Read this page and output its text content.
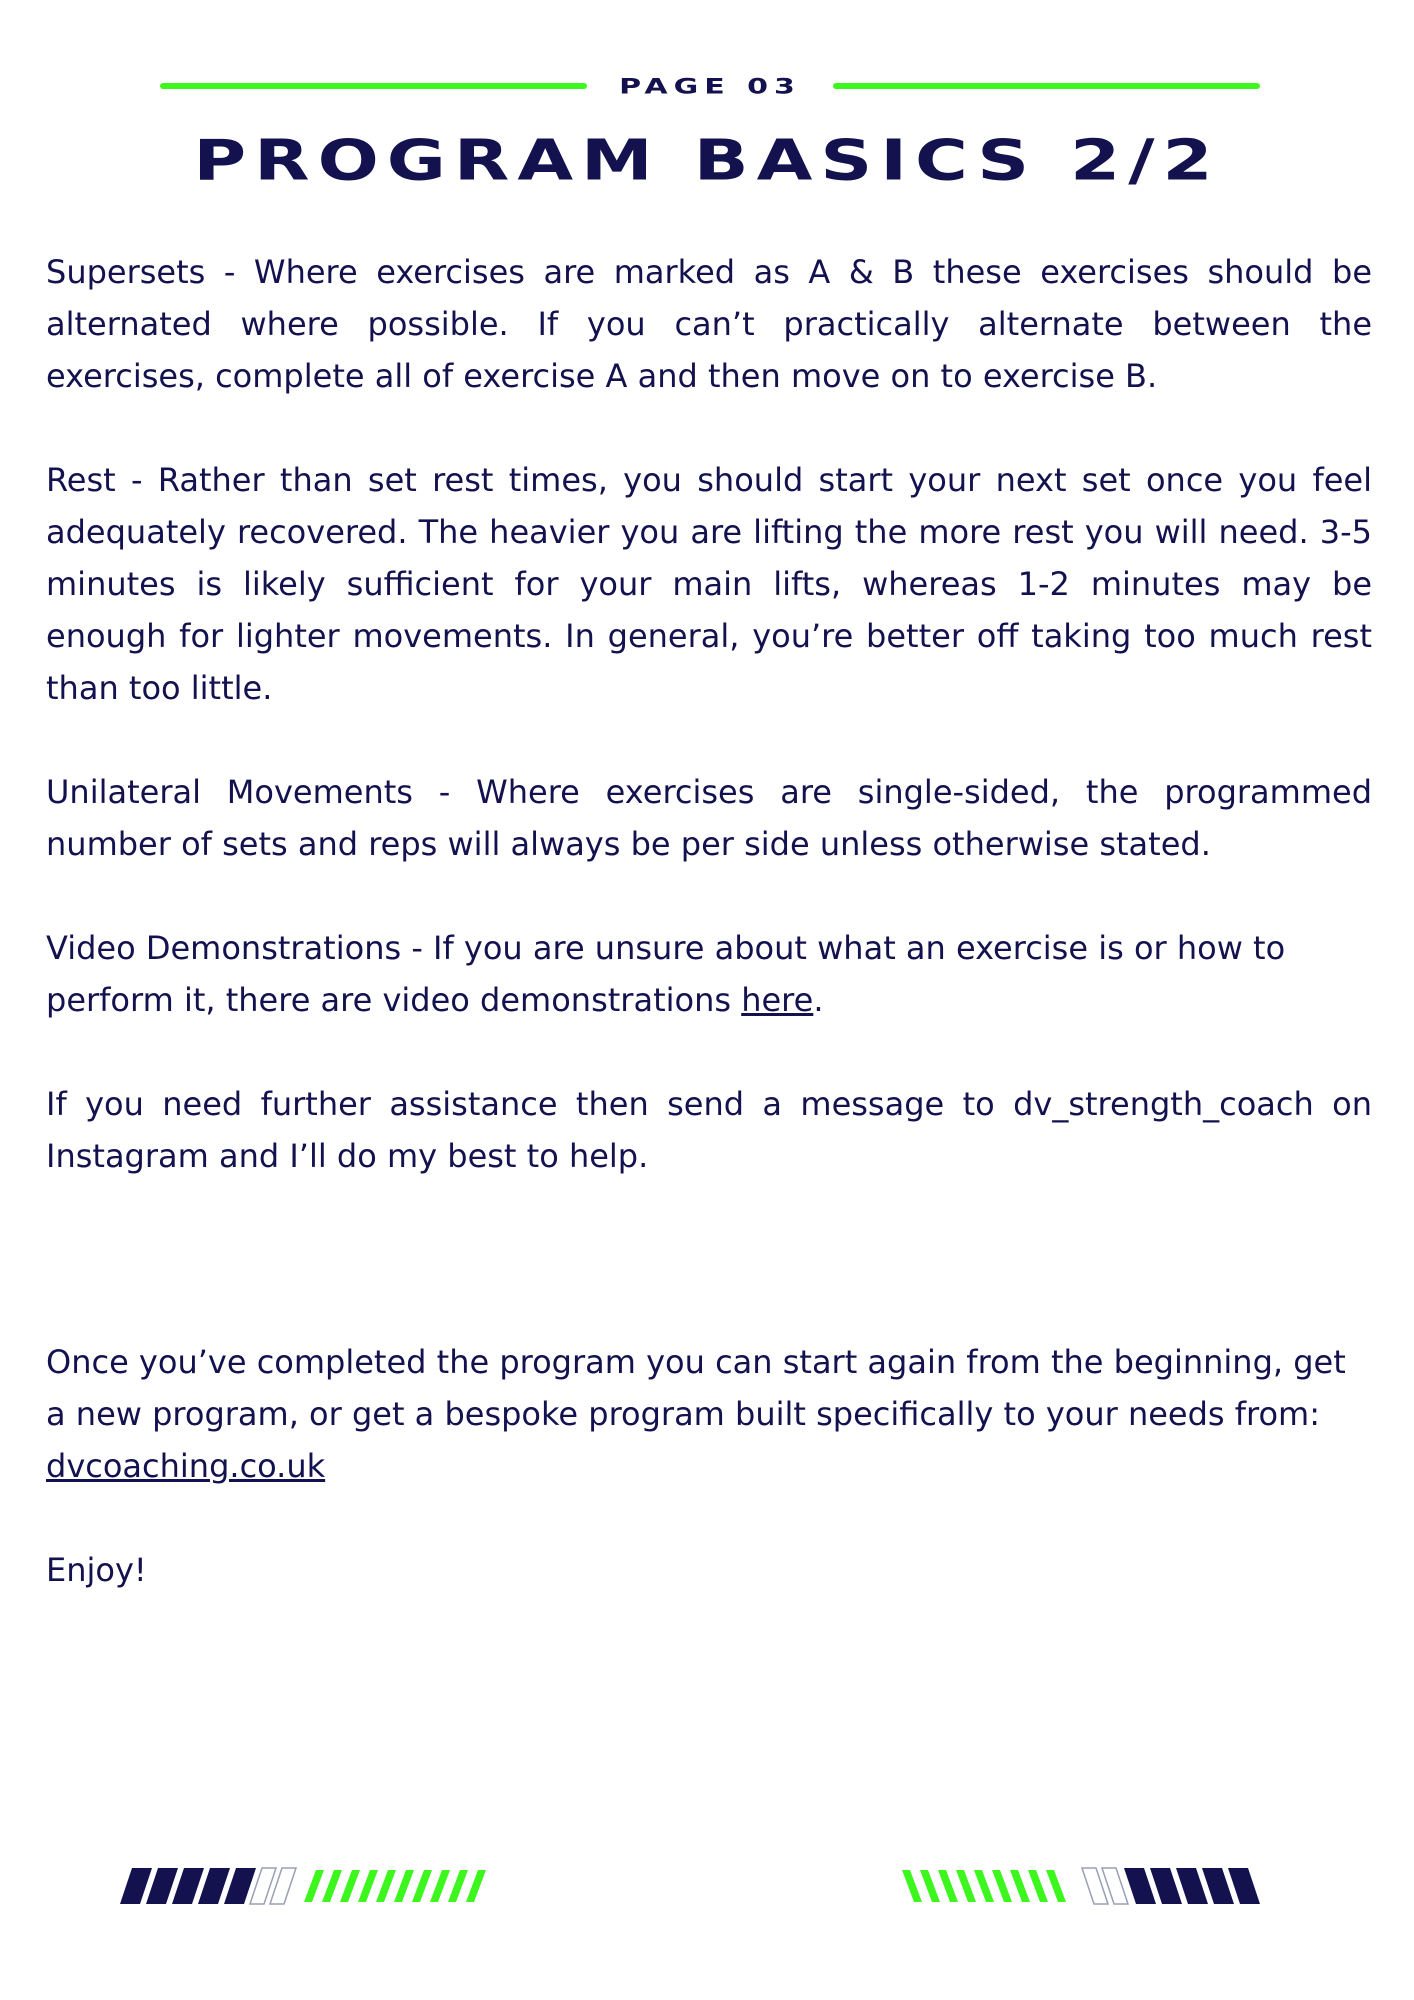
PAGE 03
PROGRAM BASICS 2/2

Supersets - Where exercises are marked as A & B these exercises should be alternated where possible. If you can’t practically alternate between the exercises, complete all of exercise A and then move on to exercise B.

Rest - Rather than set rest times, you should start your next set once you feel adequately recovered. The heavier you are lifting the more rest you will need. 3-5 minutes is likely sufficient for your main lifts, whereas 1-2 minutes may be enough for lighter movements. In general, you’re better off taking too much rest than too little.

Unilateral Movements - Where exercises are single-sided, the programmed number of sets and reps will always be per side unless otherwise stated.

Video Demonstrations - If you are unsure about what an exercise is or how to perform it, there are video demonstrations here.

If you need further assistance then send a message to dv_strength_coach on Instagram and I’ll do my best to help.

Once you’ve completed the program you can start again from the beginning, get a new program, or get a bespoke program built specifically to your needs from: dvcoaching.co.uk

Enjoy!
